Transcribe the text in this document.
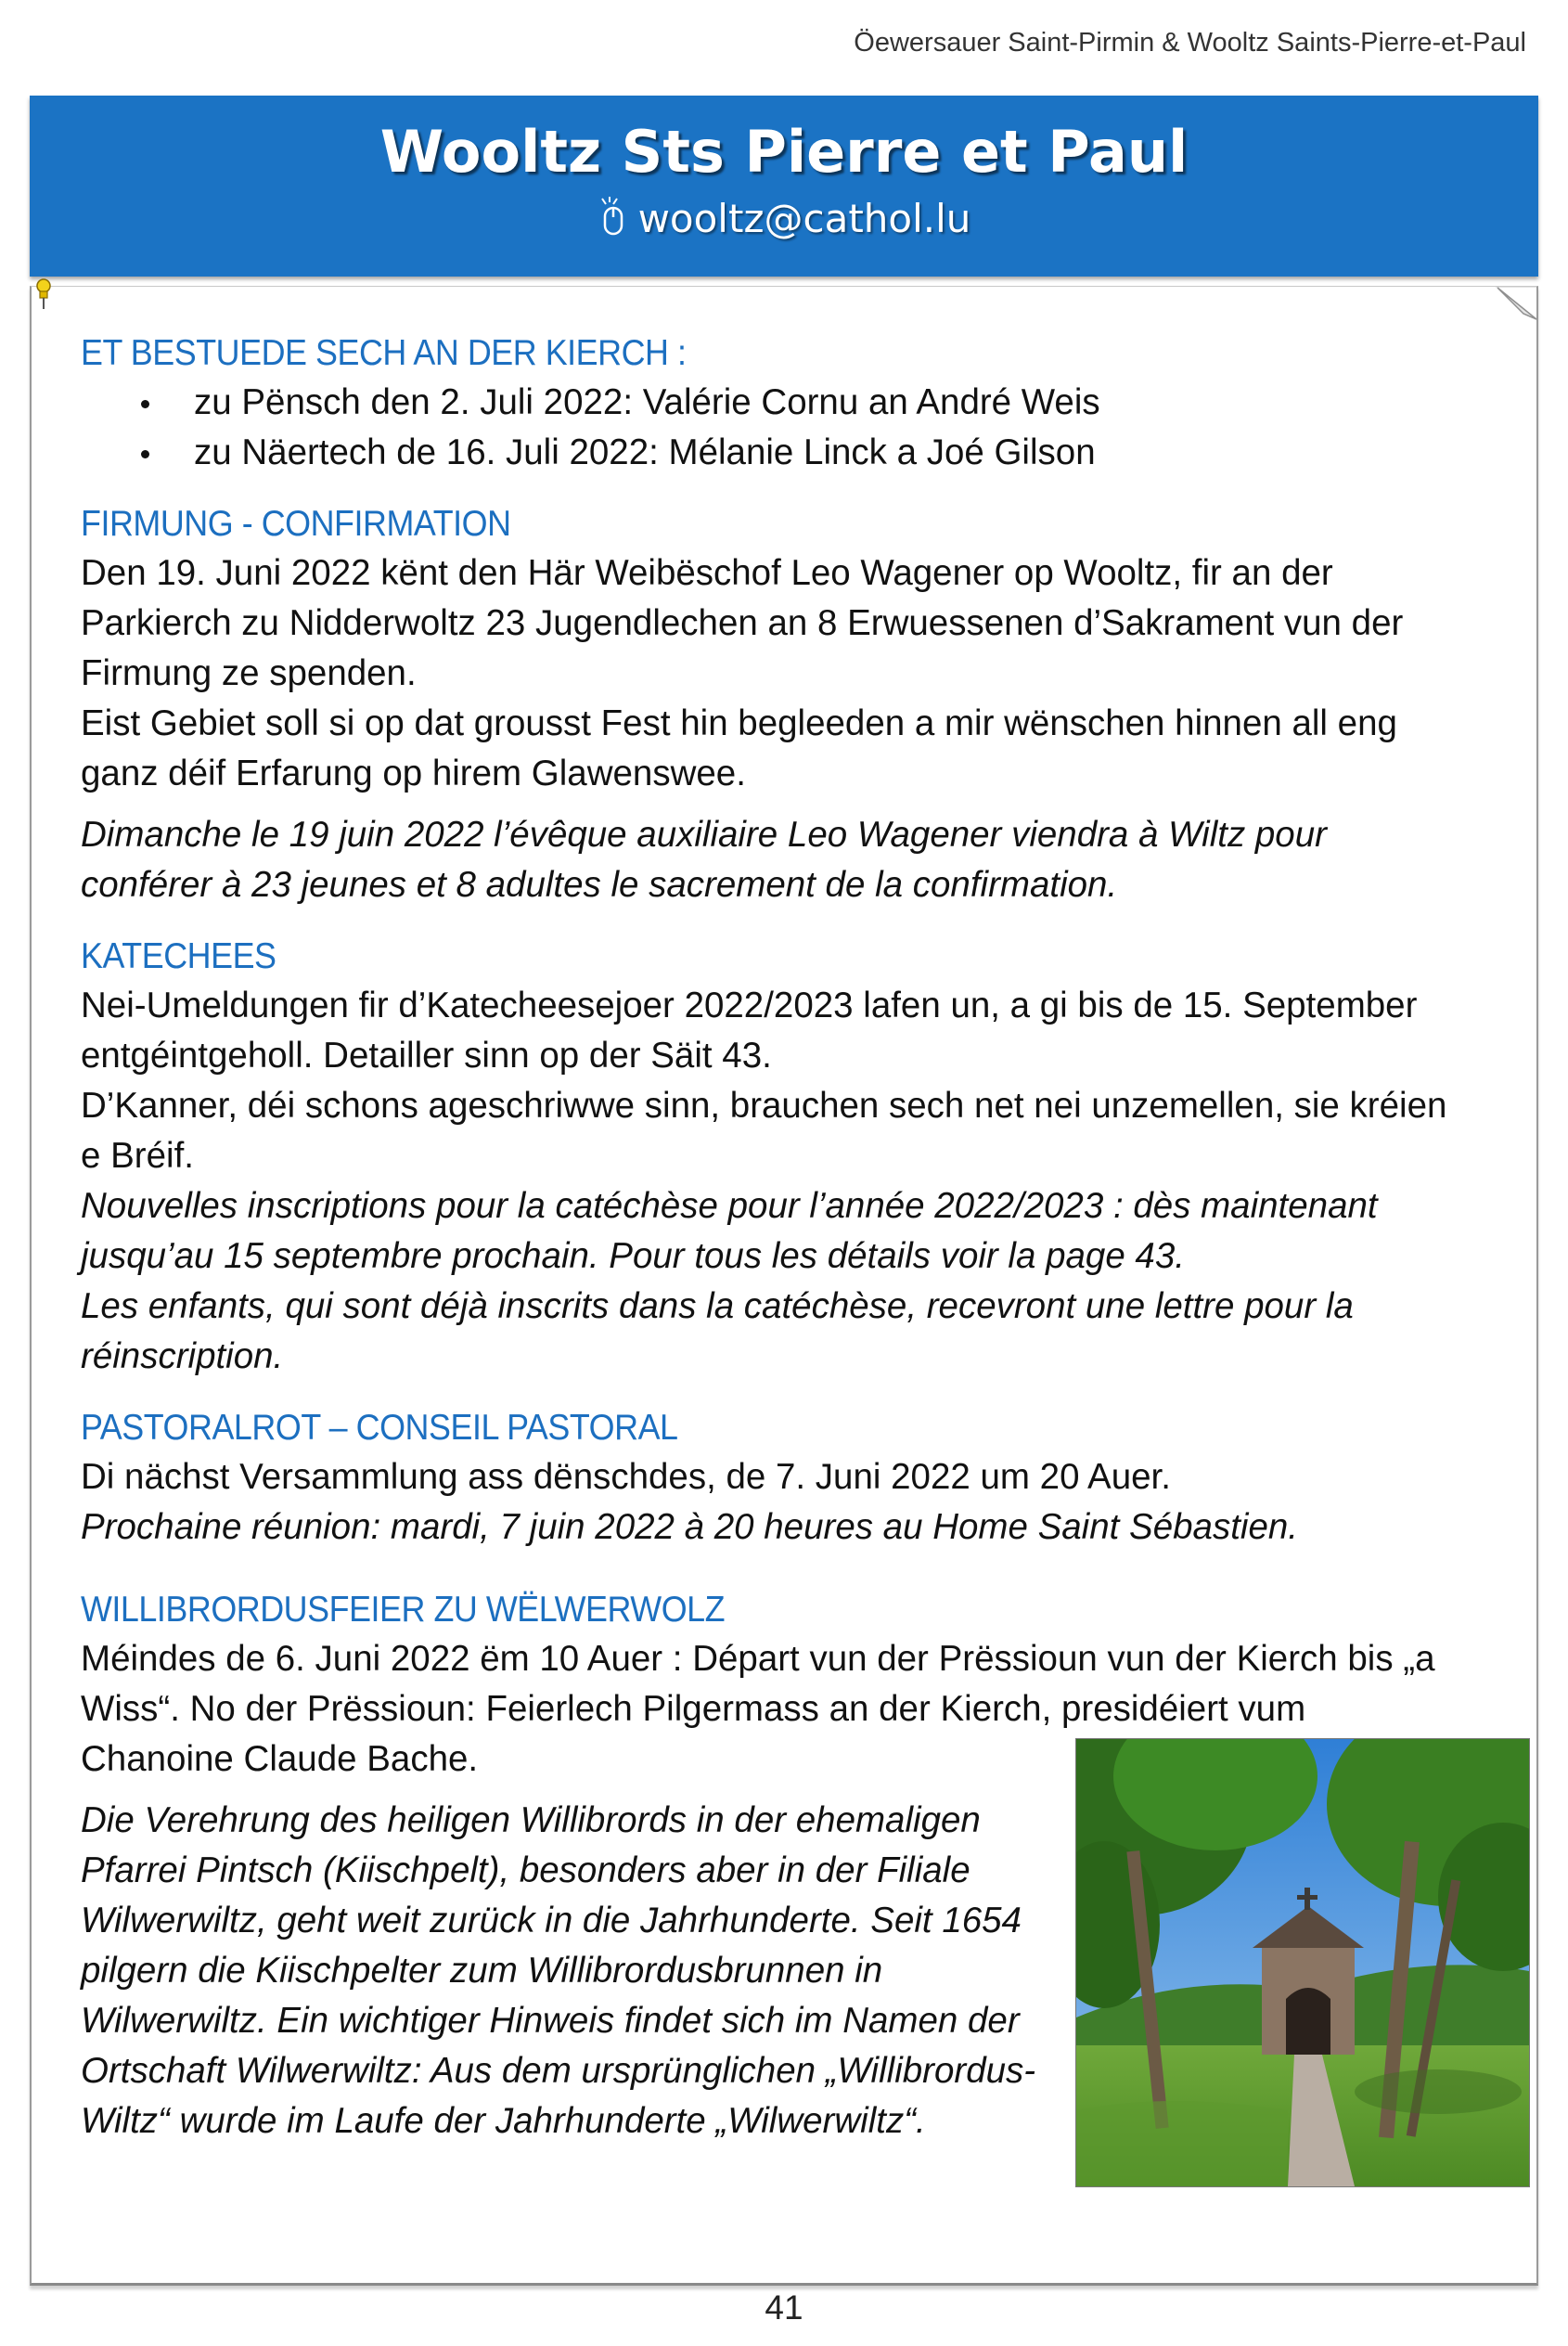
Öewersauer Saint-Pirmin & Wooltz Saints-Pierre-et-Paul
Wooltz Sts Pierre et Paul
wooltz@cathol.lu
ET BESTUEDE SECH AN DER KIERCH :
zu Pënsch den 2. Juli 2022: Valérie Cornu an André Weis
zu Näertech de 16. Juli 2022: Mélanie Linck a Joé Gilson
FIRMUNG - CONFIRMATION

Den 19. Juni 2022 kënt den Här Weibëschof Leo Wagener op Wooltz, fir an der

Parkierch zu Nidderwoltz 23 Jugendlechen an 8 Erwuessenen d’Sakrament vun der

Firmung ze spenden.

Eist Gebiet soll si op dat grousst Fest hin begleeden a mir wënschen hinnen all eng

ganz déif Erfarung op hirem Glawenswee.

Dimanche le 19 juin 2022 l’évêque auxiliaire Leo Wagener viendra à Wiltz pour

conférer à 23 jeunes et 8 adultes le sacrement de la confirmation.

KATECHEES

Nei-Umeldungen fir d’Katecheesejoer 2022/2023 lafen un, a gi bis de 15. September

entgéintgeholl. Detailler sinn op der Säit 43.

D’Kanner, déi schons ageschriwwe sinn, brauchen sech net nei unzemellen, sie kréien

e Bréif.

Nouvelles inscriptions pour la catéchèse pour l’année 2022/2023 : dès maintenant

jusqu’au 15 septembre prochain. Pour tous les détails voir la page 43.

Les enfants, qui sont déjà inscrits dans la catéchèse, recevront une lettre pour la

réinscription.

PASTORALROT – CONSEIL PASTORAL

Di nächst Versammlung ass dënschdes, de 7. Juni 2022 um 20 Auer.

Prochaine réunion: mardi, 7 juin 2022 à 20 heures au Home Saint Sébastien.

WILLIBRORDUSFEIER ZU WËLWERWOLZ

Méindes de 6. Juni 2022 ëm 10 Auer : Départ vun der Prëssioun vun der Kierch bis „a

Wiss“. No der Prëssioun: Feierlech Pilgermass an der Kierch, presidéiert vum

Chanoine Claude Bache.

Die Verehrung des heiligen Willibrords in der ehemaligen

Pfarrei Pintsch (Kiischpelt), besonders aber in der Filiale

Wilwerwiltz, geht weit zurück in die Jahrhunderte. Seit 1654

pilgern die Kiischpelter zum Willibrordusbrunnen in

Wilwerwiltz. Ein wichtiger Hinweis findet sich im Namen der

Ortschaft Wilwerwiltz: Aus dem ursprünglichen „Willibrordus-

Wiltz“ wurde im Laufe der Jahrhunderte „Wilwerwiltz“.

41
